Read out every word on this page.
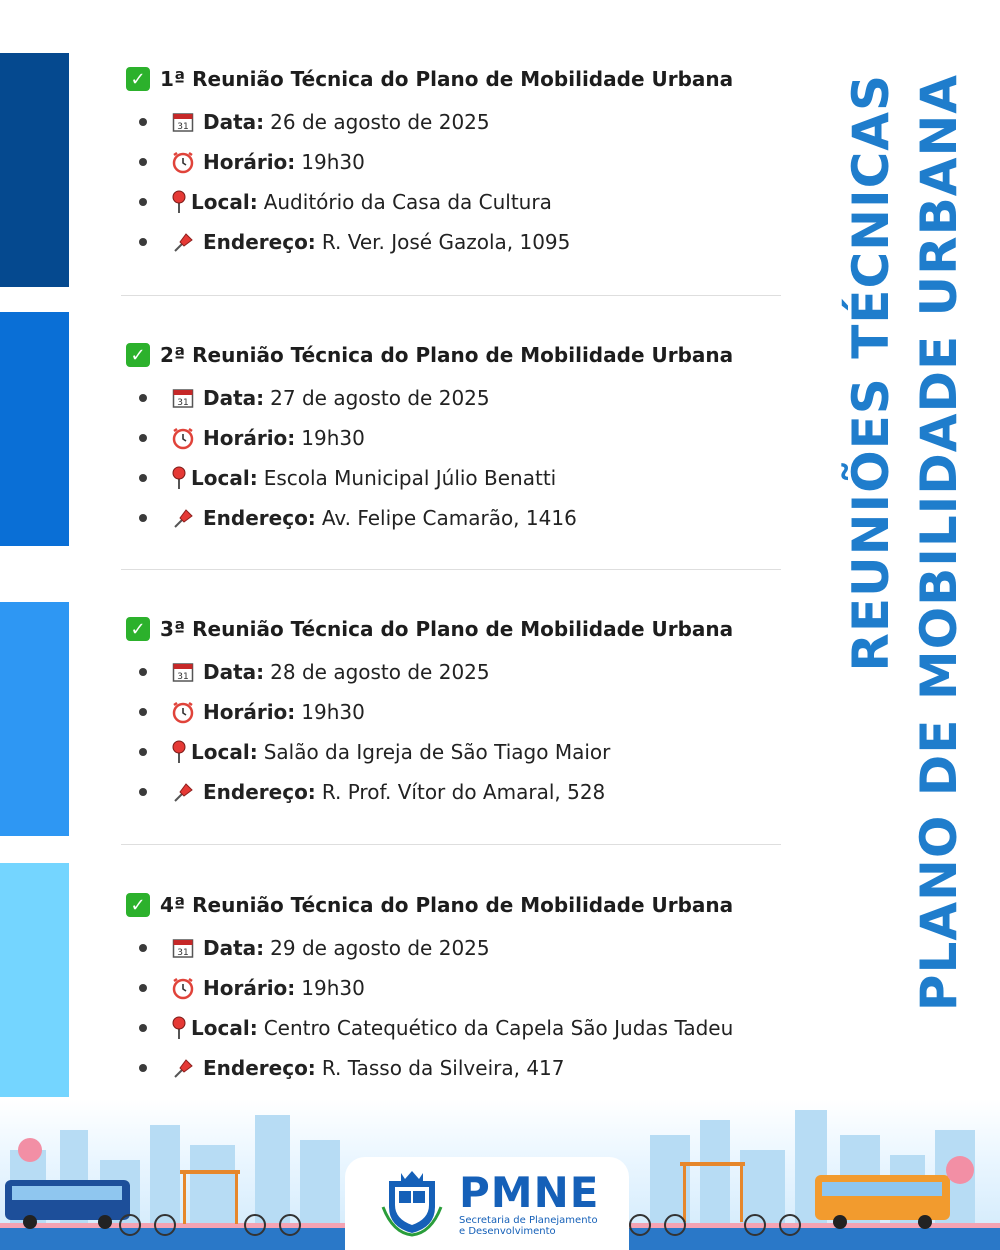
✓ 1ª Reunião Técnica do Plano de Mobilidade Urbana
31 Data: 26 de agosto de 2025
Horário: 19h30
Local: Auditório da Casa da Cultura
Endereço: R. Ver. José Gazola, 1095
✓ 2ª Reunião Técnica do Plano de Mobilidade Urbana
31 Data: 27 de agosto de 2025
Horário: 19h30
Local: Escola Municipal Júlio Benatti
Endereço: Av. Felipe Camarão, 1416
✓ 3ª Reunião Técnica do Plano de Mobilidade Urbana
31 Data: 28 de agosto de 2025
Horário: 19h30
Local: Salão da Igreja de São Tiago Maior
Endereço: R. Prof. Vítor do Amaral, 528
✓ 4ª Reunião Técnica do Plano de Mobilidade Urbana
31 Data: 29 de agosto de 2025
Horário: 19h30
Local: Centro Catequético da Capela São Judas Tadeu
Endereço: R. Tasso da Silveira, 417
REUNIÕES TÉCNICAS PLANO DE MOBILIDADE URBANA
PMNE
Secretaria de Planejamento
e Desenvolvimento
